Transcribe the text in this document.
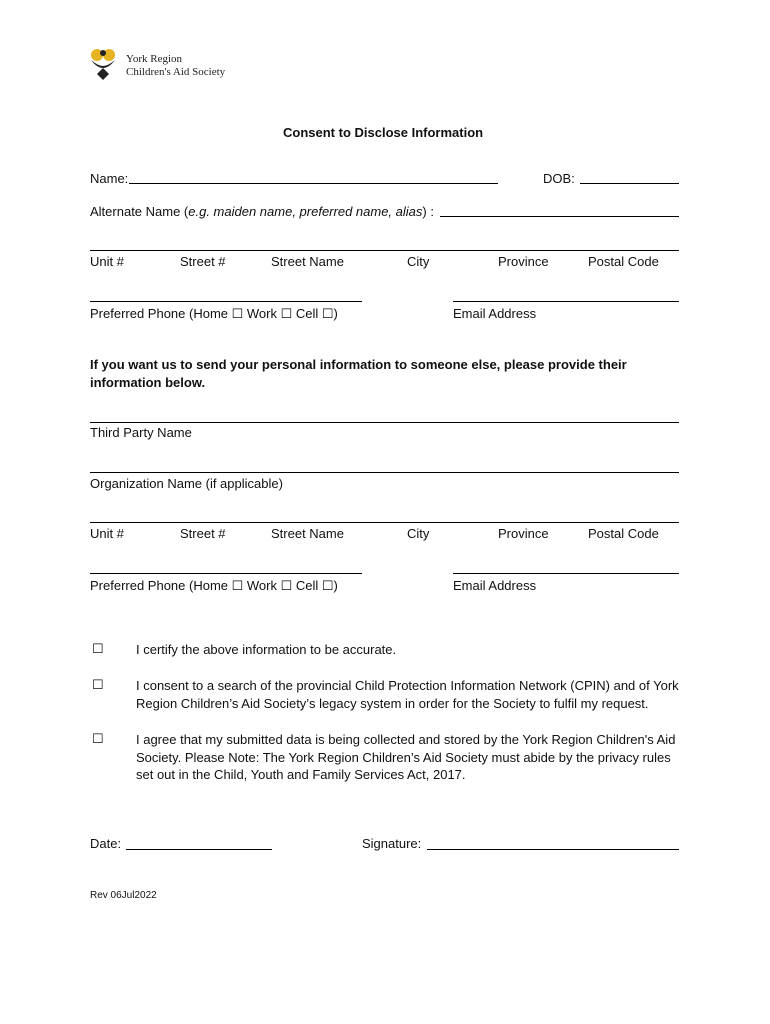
York Region
Children's Aid Society
Consent to Disclose Information
Name:	DOB:
Alternate Name (e.g. maiden name, preferred name, alias) :
Unit #	Street #	Street Name	City	Province	Postal Code
Preferred Phone (Home ☐ Work ☐ Cell ☐)	Email Address
If you want us to send your personal information to someone else, please provide their information below.
Third Party Name
Organization Name (if applicable)
Unit #	Street #	Street Name	City	Province	Postal Code
Preferred Phone (Home ☐ Work ☐ Cell ☐)	Email Address
☐ I certify the above information to be accurate.
☐ I consent to a search of the provincial Child Protection Information Network (CPIN) and of York Region Children’s Aid Society’s legacy system in order for the Society to fulfil my request.
☐ I agree that my submitted data is being collected and stored by the York Region Children's Aid Society. Please Note: The York Region Children’s Aid Society must abide by the privacy rules set out in the Child, Youth and Family Services Act, 2017.
Date:	Signature:
Rev 06Jul2022
